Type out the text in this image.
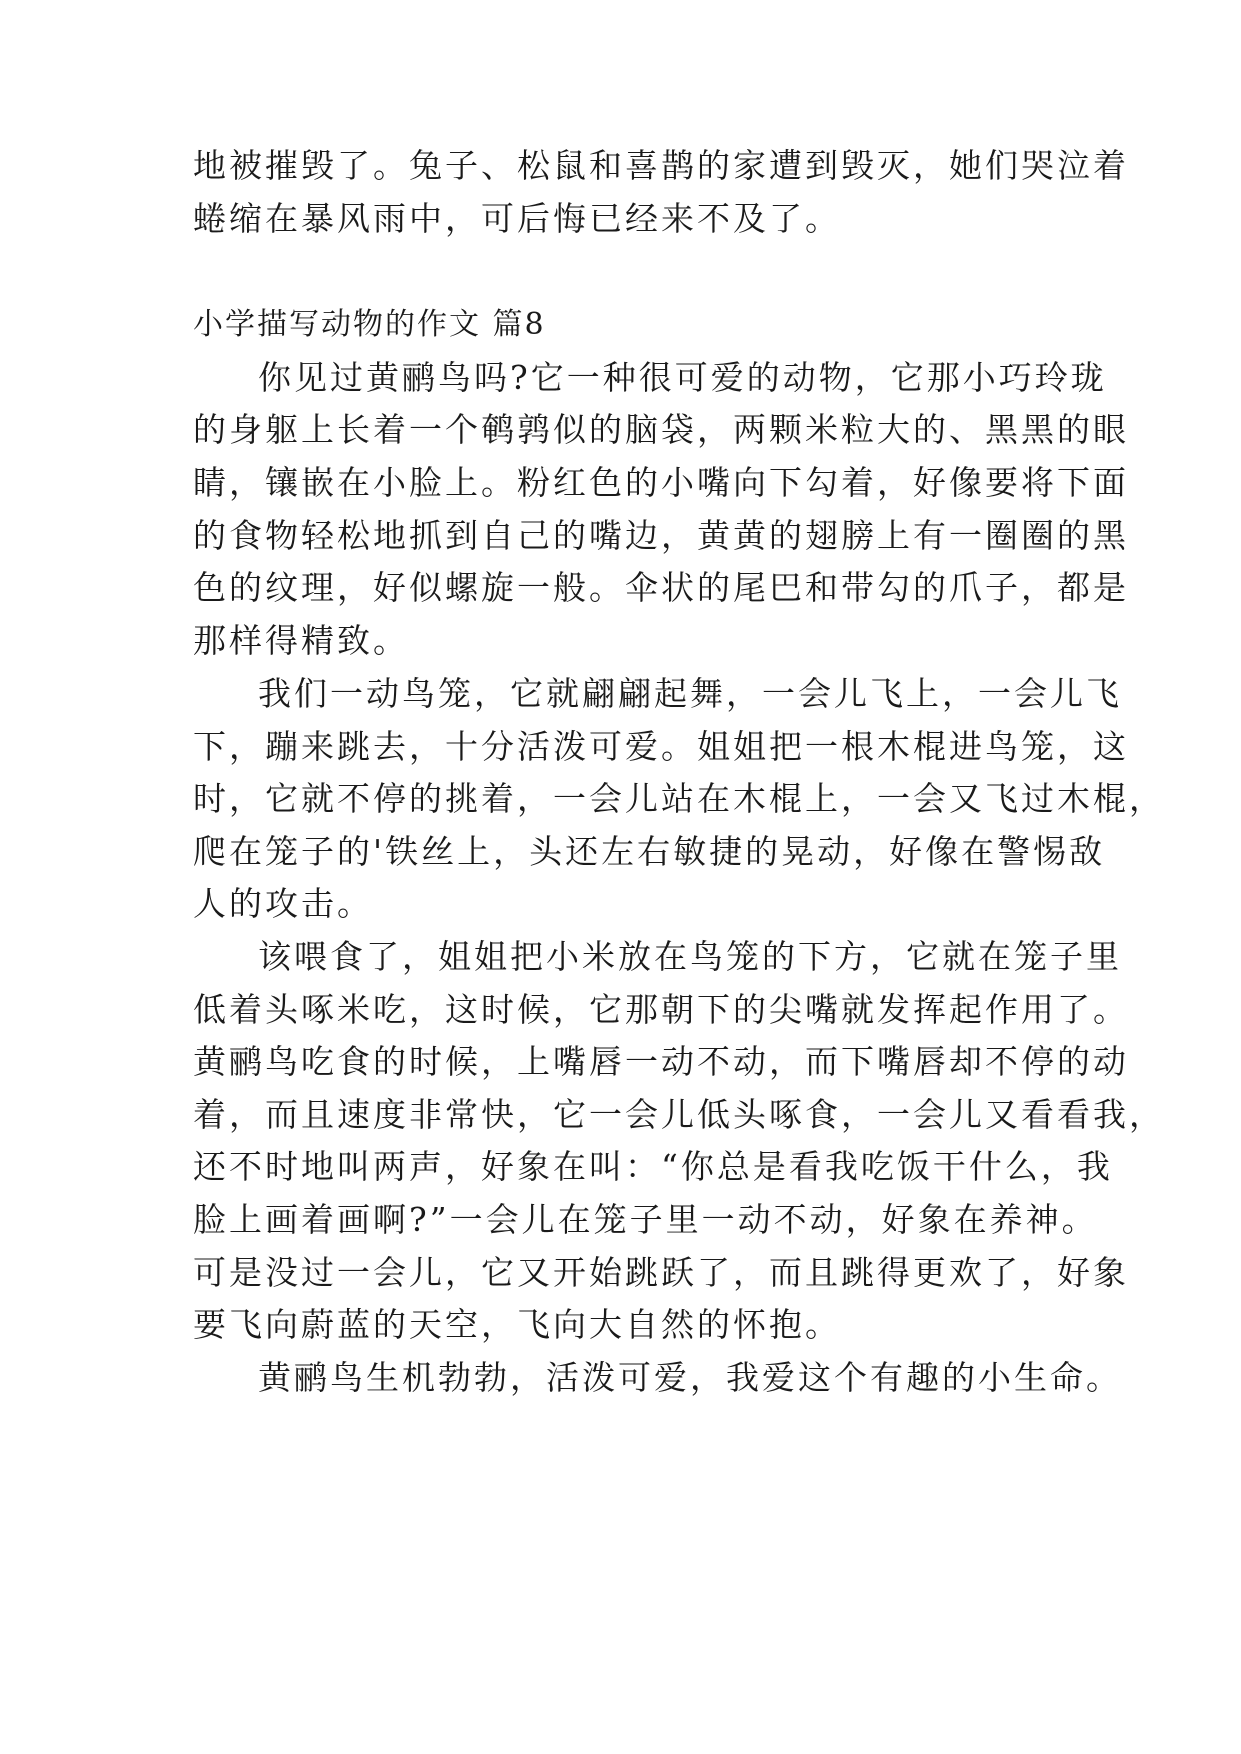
地被摧毁了。兔子、松鼠和喜鹊的家遭到毁灭，她们哭泣着
蜷缩在暴风雨中，可后悔已经来不及了。
小学描写动物的作文 篇8
你见过黄鹂鸟吗?它一种很可爱的动物，它那小巧玲珑
的身躯上长着一个鹌鹑似的脑袋，两颗米粒大的、黑黑的眼
睛，镶嵌在小脸上。粉红色的小嘴向下勾着，好像要将下面
的食物轻松地抓到自己的嘴边，黄黄的翅膀上有一圈圈的黑
色的纹理，好似螺旋一般。伞状的尾巴和带勾的爪子，都是
那样得精致。
我们一动鸟笼，它就翩翩起舞，一会儿飞上，一会儿飞
下，蹦来跳去，十分活泼可爱。姐姐把一根木棍进鸟笼，这
时，它就不停的挑着，一会儿站在木棍上，一会又飞过木棍，
爬在笼子的'铁丝上，头还左右敏捷的晃动，好像在警惕敌
人的攻击。
该喂食了，姐姐把小米放在鸟笼的下方，它就在笼子里
低着头啄米吃，这时候，它那朝下的尖嘴就发挥起作用了。
黄鹂鸟吃食的时候，上嘴唇一动不动，而下嘴唇却不停的动
着，而且速度非常快，它一会儿低头啄食，一会儿又看看我，
还不时地叫两声，好象在叫：“你总是看我吃饭干什么，我
脸上画着画啊?”一会儿在笼子里一动不动，好象在养神。
可是没过一会儿，它又开始跳跃了，而且跳得更欢了，好象
要飞向蔚蓝的天空，飞向大自然的怀抱。
黄鹂鸟生机勃勃，活泼可爱，我爱这个有趣的小生命。
